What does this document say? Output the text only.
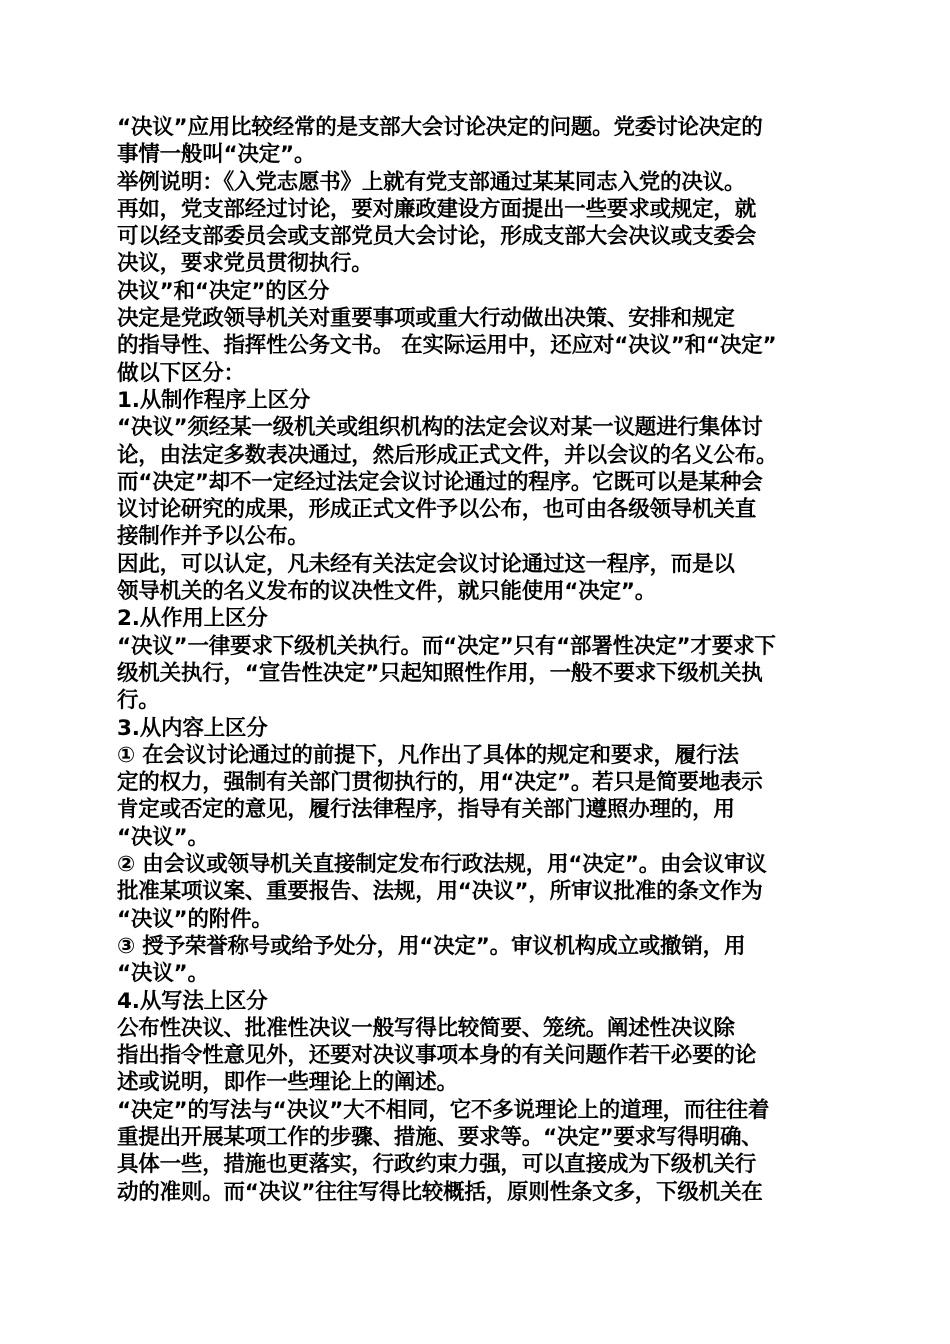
“决议”应用比较经常的是支部大会讨论决定的问题。党委讨论决定的
事情一般叫“决定”。
举例说明：《入党志愿书》上就有党支部通过某某同志入党的决议。
再如，党支部经过讨论，要对廉政建设方面提出一些要求或规定，就
可以经支部委员会或支部党员大会讨论，形成支部大会决议或支委会
决议，要求党员贯彻执行。
决议”和“决定”的区分
决定是党政领导机关对重要事项或重大行动做出决策、安排和规定
的指导性、指挥性公务文书。 在实际运用中，还应对“决议”和“决定”
做以下区分：
1.从制作程序上区分
“决议”须经某一级机关或组织机构的法定会议对某一议题进行集体讨
论，由法定多数表决通过，然后形成正式文件，并以会议的名义公布。
而“决定”却不一定经过法定会议讨论通过的程序。它既可以是某种会
议讨论研究的成果，形成正式文件予以公布，也可由各级领导机关直
接制作并予以公布。
因此，可以认定，凡未经有关法定会议讨论通过这一程序，而是以
领导机关的名义发布的议决性文件，就只能使用“决定”。
2.从作用上区分
“决议”一律要求下级机关执行。而“决定”只有“部署性决定”才要求下
级机关执行，“宣告性决定”只起知照性作用，一般不要求下级机关执
行。
3.从内容上区分
① 在会议讨论通过的前提下，凡作出了具体的规定和要求，履行法
定的权力，强制有关部门贯彻执行的，用“决定”。若只是简要地表示
肯定或否定的意见，履行法律程序，指导有关部门遵照办理的，用
“决议”。
② 由会议或领导机关直接制定发布行政法规，用“决定”。由会议审议
批准某项议案、重要报告、法规，用“决议”，所审议批准的条文作为
“决议”的附件。
③ 授予荣誉称号或给予处分，用“决定”。审议机构成立或撤销，用
“决议”。
4.从写法上区分
公布性决议、批准性决议一般写得比较简要、笼统。阐述性决议除
指出指令性意见外，还要对决议事项本身的有关问题作若干必要的论
述或说明，即作一些理论上的阐述。
“决定”的写法与“决议”大不相同，它不多说理论上的道理，而往往着
重提出开展某项工作的步骤、措施、要求等。“决定”要求写得明确、
具体一些，措施也更落实，行政约束力强，可以直接成为下级机关行
动的准则。而“决议”往往写得比较概括，原则性条文多，下级机关在
